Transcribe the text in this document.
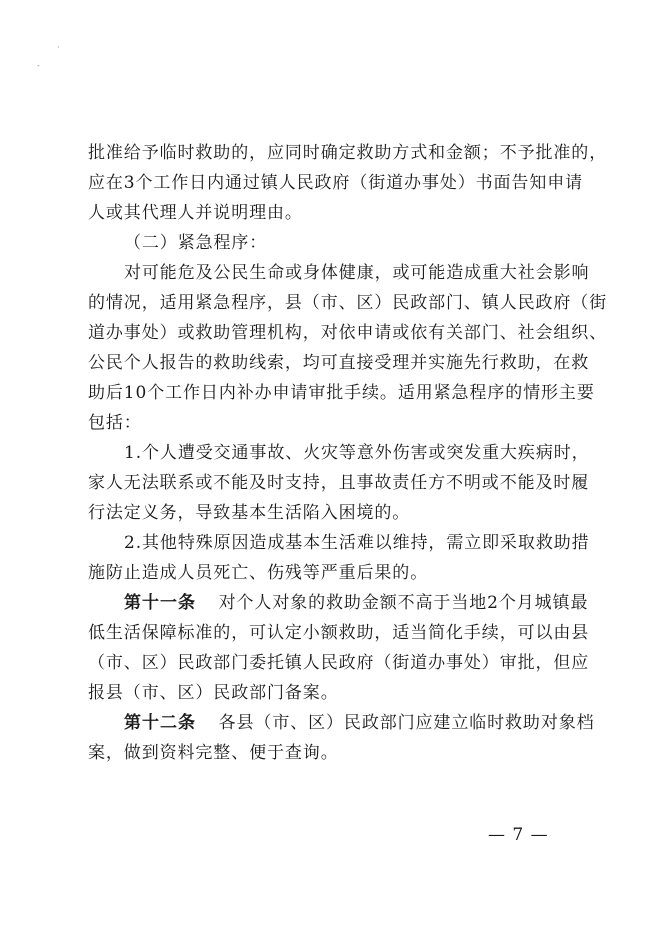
·
-
批准给予临时救助的，应同时确定救助方式和金额；不予批准的，
应在3个工作日内通过镇人民政府（街道办事处）书面告知申请
人或其代理人并说明理由。
（二）紧急程序：
对可能危及公民生命或身体健康，或可能造成重大社会影响
的情况，适用紧急程序，县（市、区）民政部门、镇人民政府（街
道办事处）或救助管理机构，对依申请或依有关部门、社会组织、
公民个人报告的救助线索，均可直接受理并实施先行救助，在救
助后10个工作日内补办申请审批手续。适用紧急程序的情形主要
包括：
1.个人遭受交通事故、火灾等意外伤害或突发重大疾病时，
家人无法联系或不能及时支持，且事故责任方不明或不能及时履
行法定义务，导致基本生活陷入困境的。
2.其他特殊原因造成基本生活难以维持，需立即采取救助措
施防止造成人员死亡、伤残等严重后果的。
第十一条 对个人对象的救助金额不高于当地2个月城镇最
低生活保障标准的，可认定小额救助，适当简化手续，可以由县
（市、区）民政部门委托镇人民政府（街道办事处）审批，但应
报县（市、区）民政部门备案。
第十二条 各县（市、区）民政部门应建立临时救助对象档
案，做到资料完整、便于查询。
— 7 —
